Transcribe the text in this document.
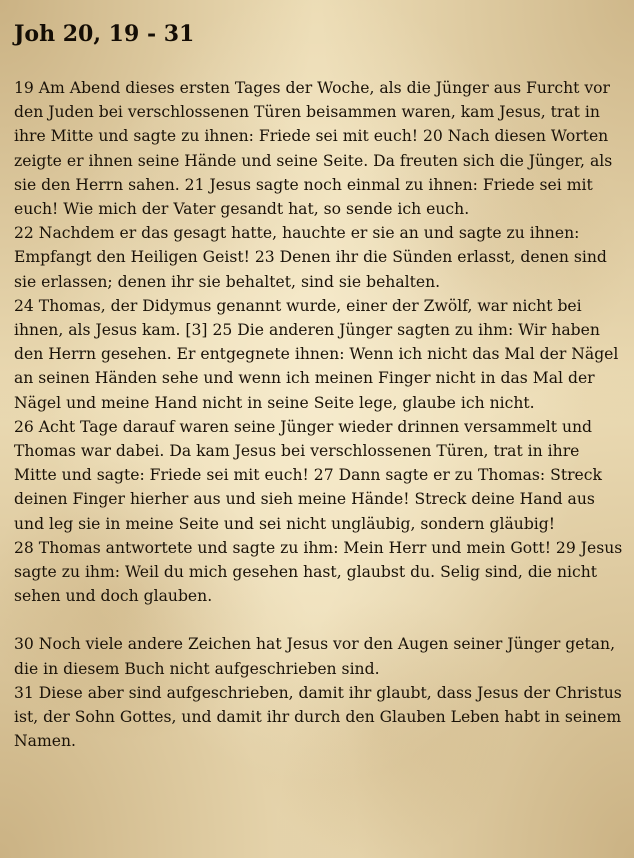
Joh 20, 19 - 31

19 Am Abend dieses ersten Tages der Woche, als die Jünger aus Furcht vor den Juden bei verschlossenen Türen beisammen waren, kam Jesus, trat in ihre Mitte und sagte zu ihnen: Friede sei mit euch! 20 Nach diesen Worten zeigte er ihnen seine Hände und seine Seite. Da freuten sich die Jünger, als sie den Herrn sahen. 21 Jesus sagte noch einmal zu ihnen: Friede sei mit euch! Wie mich der Vater gesandt hat, so sende ich euch.

22 Nachdem er das gesagt hatte, hauchte er sie an und sagte zu ihnen: Empfangt den Heiligen Geist! 23 Denen ihr die Sünden erlasst, denen sind sie erlassen; denen ihr sie behaltet, sind sie behalten.

24 Thomas, der Didymus genannt wurde, einer der Zwölf, war nicht bei ihnen, als Jesus kam. [3] 25 Die anderen Jünger sagten zu ihm: Wir haben den Herrn gesehen. Er entgegnete ihnen: Wenn ich nicht das Mal der Nägel an seinen Händen sehe und wenn ich meinen Finger nicht in das Mal der Nägel und meine Hand nicht in seine Seite lege, glaube ich nicht.

26 Acht Tage darauf waren seine Jünger wieder drinnen versammelt und Thomas war dabei. Da kam Jesus bei verschlossenen Türen, trat in ihre Mitte und sagte: Friede sei mit euch! 27 Dann sagte er zu Thomas: Streck deinen Finger hierher aus und sieh meine Hände! Streck deine Hand aus und leg sie in meine Seite und sei nicht ungläubig, sondern gläubig!

28 Thomas antwortete und sagte zu ihm: Mein Herr und mein Gott! 29 Jesus sagte zu ihm: Weil du mich gesehen hast, glaubst du. Selig sind, die nicht sehen und doch glauben.

30 Noch viele andere Zeichen hat Jesus vor den Augen seiner Jünger getan, die in diesem Buch nicht aufgeschrieben sind.

31 Diese aber sind aufgeschrieben, damit ihr glaubt, dass Jesus der Christus ist, der Sohn Gottes, und damit ihr durch den Glauben Leben habt in seinem Namen.
